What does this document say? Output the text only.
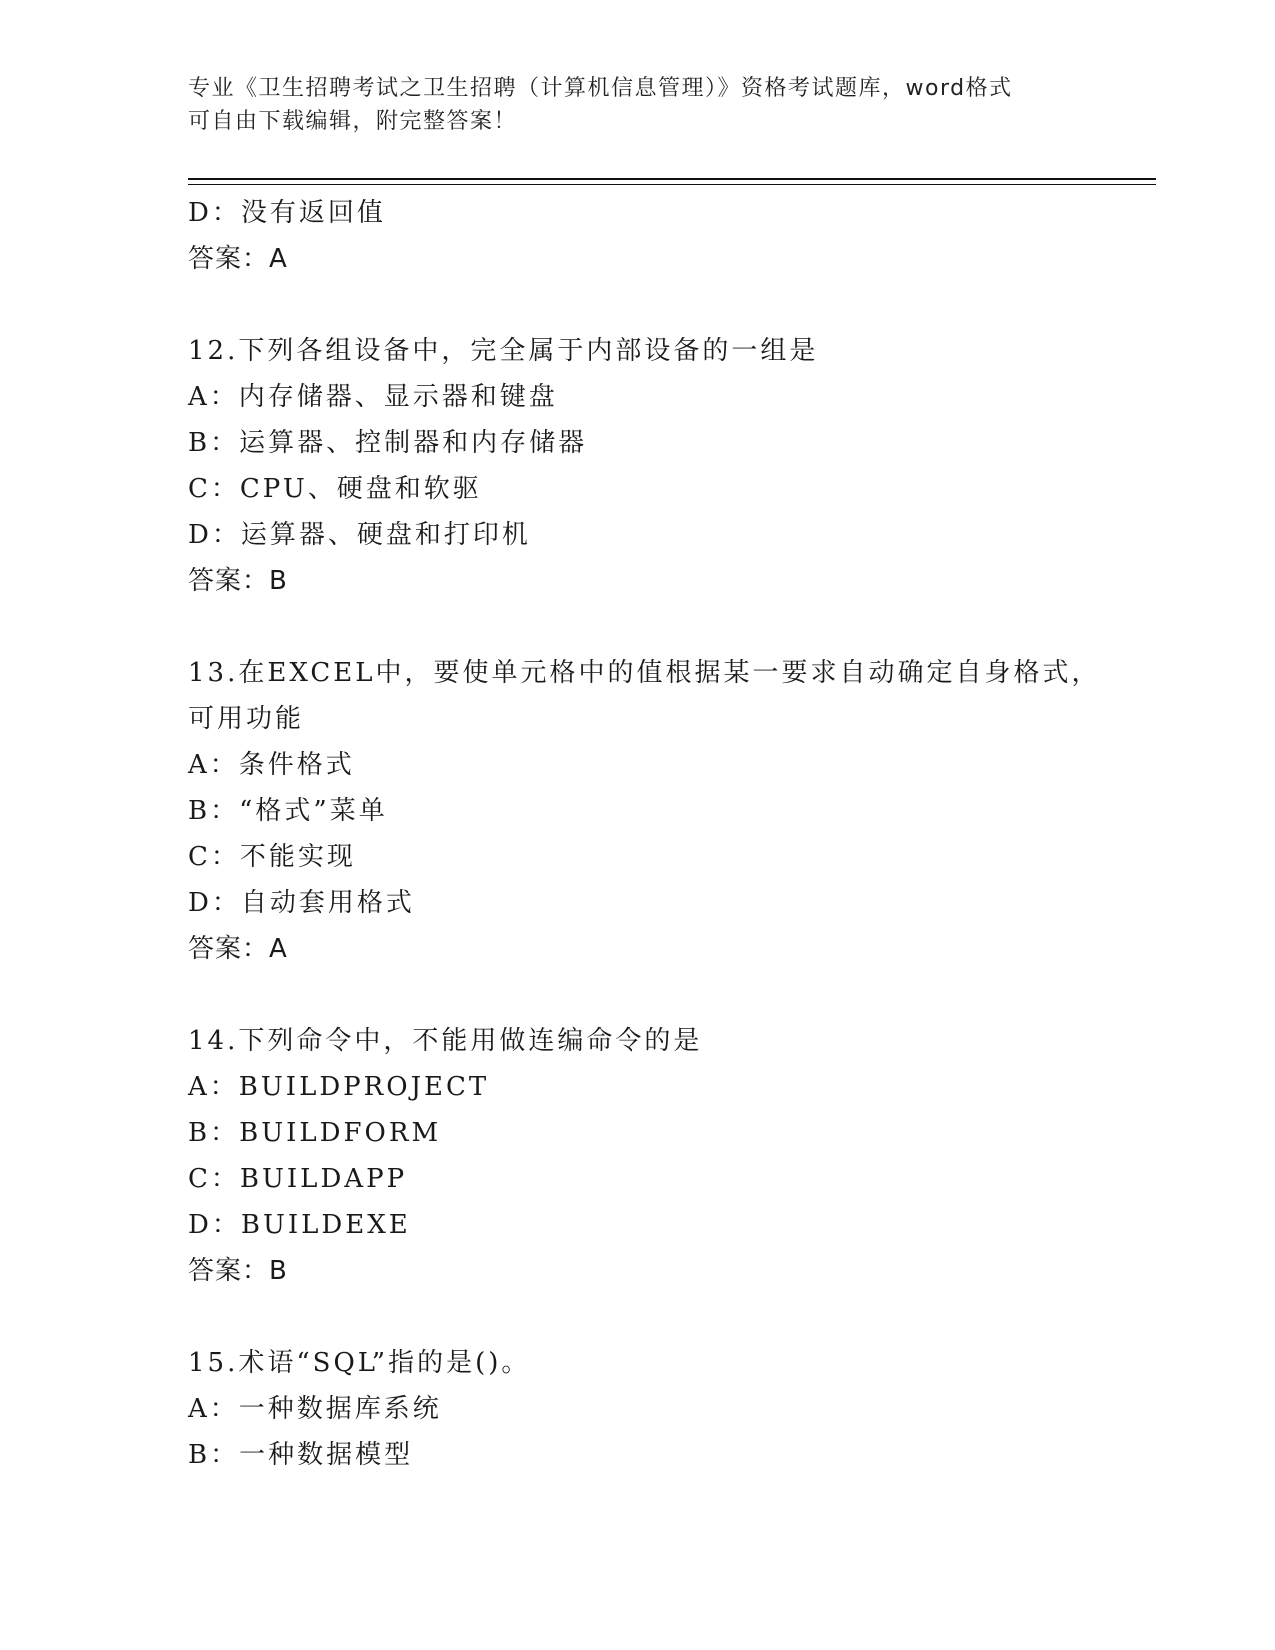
专业《卫生招聘考试之卫生招聘（计算机信息管理）》资格考试题库，word格式
可自由下载编辑，附完整答案！
D：没有返回值
答案：A
12.下列各组设备中，完全属于内部设备的一组是
A：内存储器、显示器和键盘
B：运算器、控制器和内存储器
C：CPU、硬盘和软驱
D：运算器、硬盘和打印机
答案：B
13.在EXCEL中，要使单元格中的值根据某一要求自动确定自身格式，
可用功能
A：条件格式
B：“格式”菜单
C：不能实现
D：自动套用格式
答案：A
14.下列命令中，不能用做连编命令的是
A：BUILDPROJECT
B：BUILDFORM
C：BUILDAPP
D：BUILDEXE
答案：B
15.术语“SQL”指的是()。
A：一种数据库系统
B：一种数据模型
